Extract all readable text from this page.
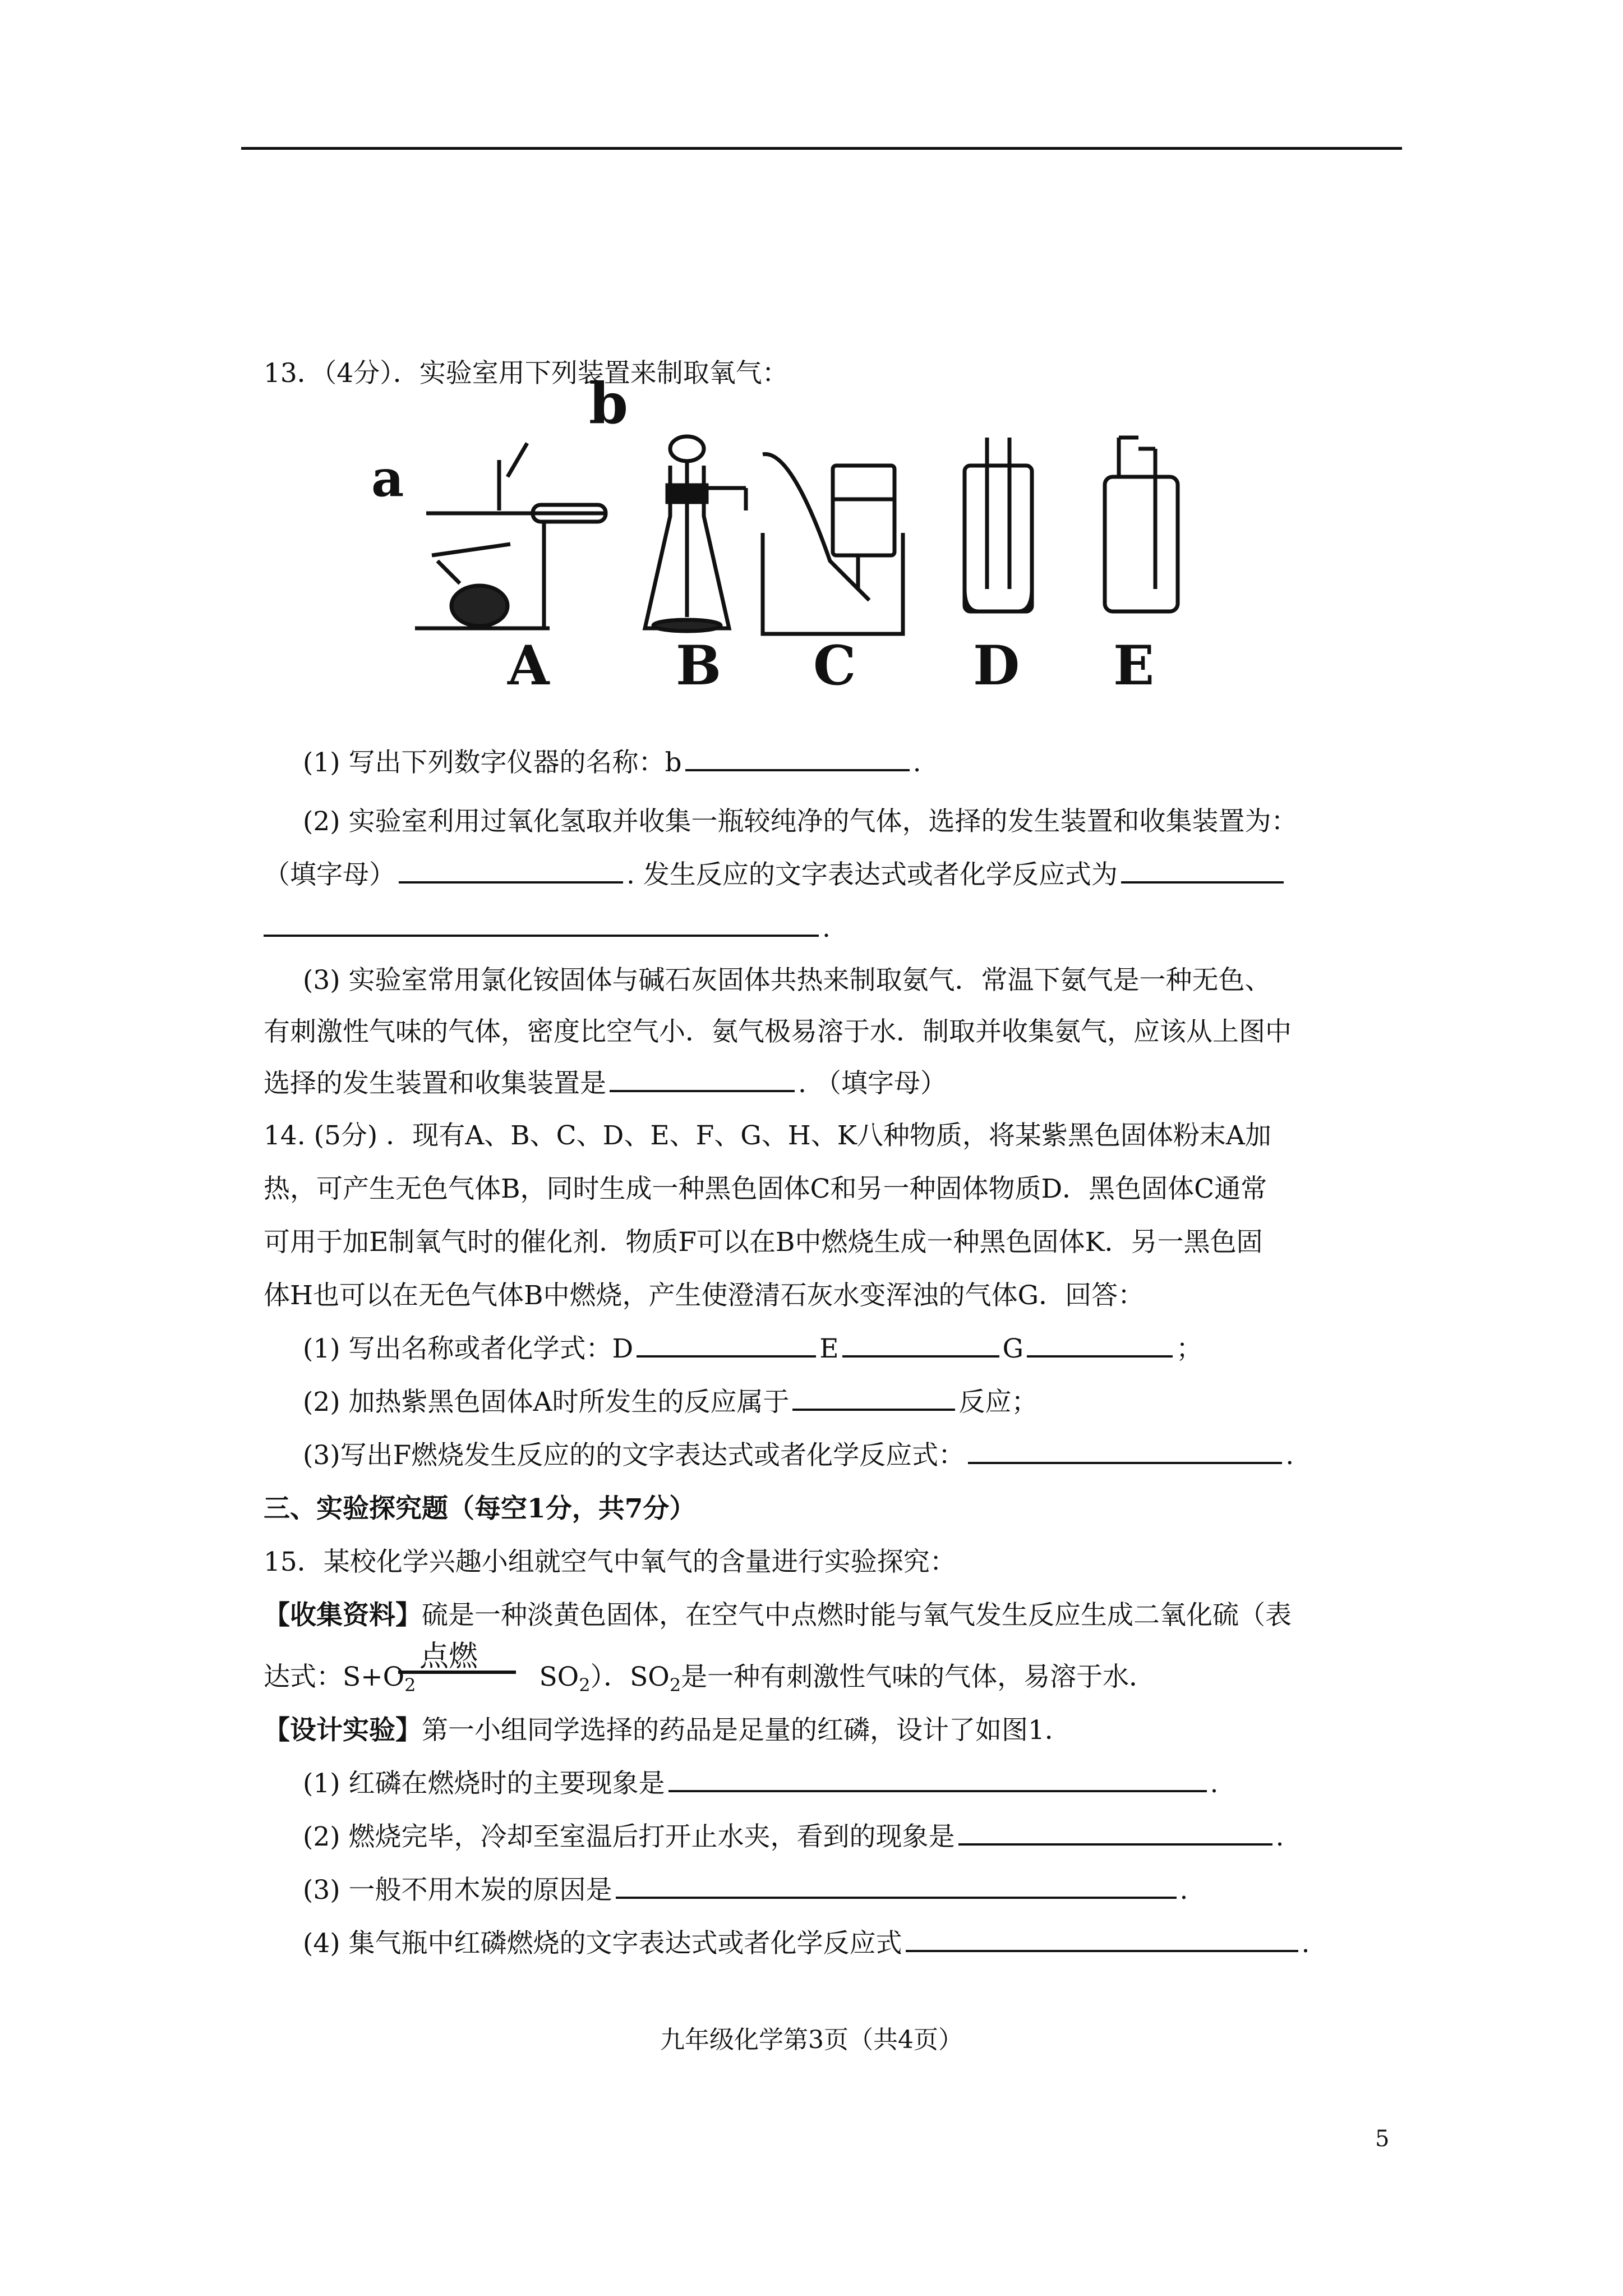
13．（4分）．实验室用下列装置来制取氧气：
a
b
A B C D E
(1) 写出下列数字仪器的名称：b	.
(2) 实验室利用过氧化氢取并收集一瓶较纯净的气体，选择的发生装置和收集装置为：
（填字母）	. 发生反应的文字表达式或者化学反应式为
.
(3) 实验室常用氯化铵固体与碱石灰固体共热来制取氨气．常温下氨气是一种无色、
有刺激性气味的气体，密度比空气小．氨气极易溶于水．制取并收集氨气，应该从上图中
选择的发生装置和收集装置是	. （填字母）
14. (5分) ．现有A、B、C、D、E、F、G、H、K八种物质，将某紫黑色固体粉末A加
热，可产生无色气体B，同时生成一种黑色固体C和另一种固体物质D．黑色固体C通常
可用于加E制氧气时的催化剂．物质F可以在B中燃烧生成一种黑色固体K．另一黑色固
体H也可以在无色气体B中燃烧，产生使澄清石灰水变浑浊的气体G．回答：
(1) 写出名称或者化学式：D	E	G	；
(2) 加热紫黑色固体A时所发生的反应属于	反应；
(3)写出F燃烧发生反应的的文字表达式或者化学反应式：	.
三、实验探究题（每空1分，共7分）
15．某校化学兴趣小组就空气中氧气的含量进行实验探究：
【收集资料】硫是一种淡黄色固体，在空气中点燃时能与氧气发生反应生成二氧化硫（表
点燃
达式：$S+O_2$	$SO_2$）．$SO_2$是一种有刺激性气味的气体，易溶于水．
【设计实验】第一小组同学选择的药品是足量的红磷，设计了如图1．
(1) 红磷在燃烧时的主要现象是	.
(2) 燃烧完毕，冷却至室温后打开止水夹，看到的现象是	.
(3) 一般不用木炭的原因是	.
(4) 集气瓶中红磷燃烧的文字表达式或者化学反应式	.
九年级化学第3页（共4页）
5
